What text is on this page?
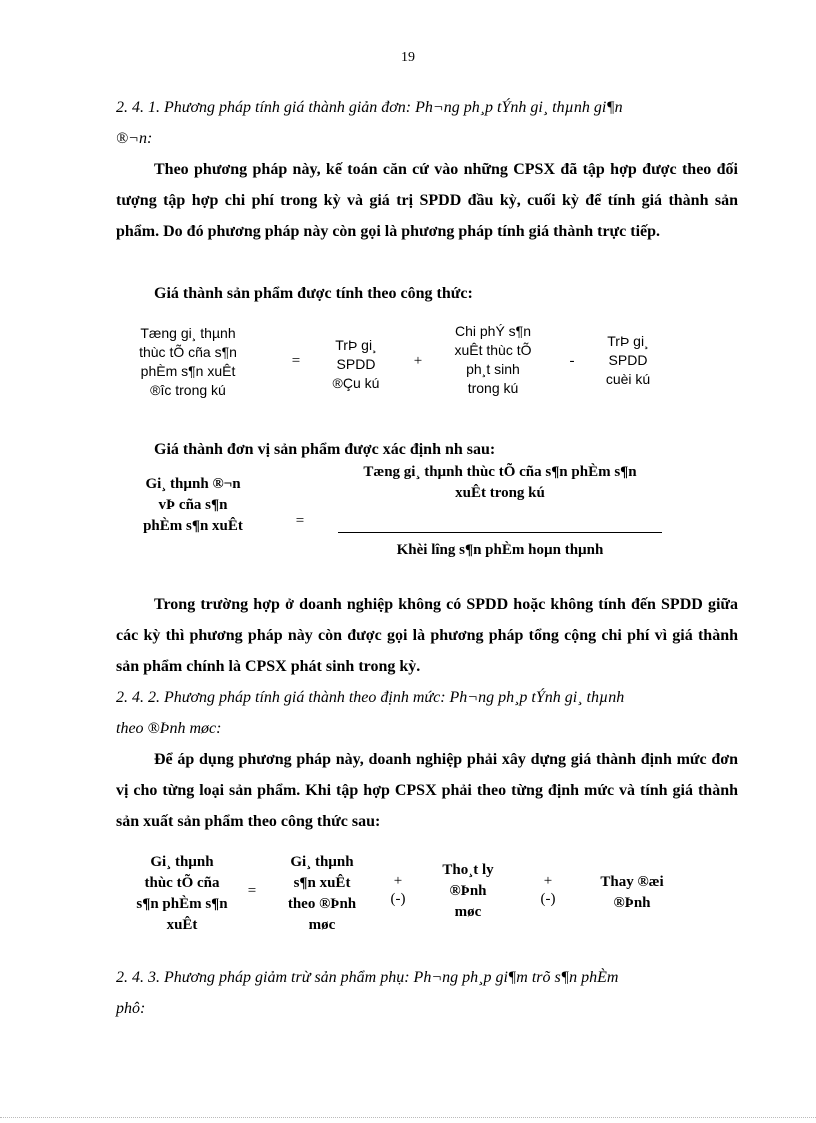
19
2. 4. 1. Phương pháp tính giá thành giản đơn: Ph¬ng ph¸p tÝnh gi¸ thµnh gi¶n
®¬n:

Theo phương pháp này, kế toán căn cứ vào những CPSX đã tập hợp được theo đối tượng tập hợp chi phí trong kỳ và giá trị SPDD đầu kỳ, cuối kỳ để tính giá thành sản phẩm. Do đó phương pháp này còn gọi là phương pháp tính giá thành trực tiếp.

Giá thành sản phẩm được tính theo công thức:

Tæng gi¸ thµnh
thùc tÕ cña s¶n
phÈm s¶n xuÊt
®îc trong kú
=
TrÞ gi¸
SPDD
®Çu kú
+
Chi phÝ s¶n
xuÊt thùc tÕ
ph¸t sinh
trong kú
-
TrÞ gi¸
SPDD
cuèi kú

Giá thành đơn vị sản phẩm được xác định nh sau:

Gi¸ thµnh ®¬n
vÞ cña s¶n
phÈm s¶n xuÊt	=
Tæng gi¸ thµnh thùc tÕ cña s¶n phÈm s¶n
xuÊt trong kú
Khèi lîng s¶n phÈm hoµn thµnh

Trong trường hợp ở doanh nghiệp không có SPDD hoặc không tính đến SPDD giữa các kỳ thì phương pháp này còn được gọi là phương pháp tổng cộng chi phí vì giá thành sản phẩm chính là CPSX phát sinh trong kỳ.

2. 4. 2. Phương pháp tính giá thành theo định mức: Ph¬ng ph¸p tÝnh gi¸ thµnh
theo ®Þnh møc:

Để áp dụng phương pháp này, doanh nghiệp phải xây dựng giá thành định mức đơn vị cho từng loại sản phẩm. Khi tập hợp CPSX phải theo từng định mức và tính giá thành sản xuất sản phẩm theo công thức sau:

Gi¸ thµnh
thùc tÕ cña
s¶n phÈm s¶n
xuÊt
=
Gi¸ thµnh
s¶n xuÊt
theo ®Þnh
møc
+
(-)
Tho¸t ly
®Þnh
møc
+
(-)
Thay ®æi
®Þnh
2. 4. 3. Phương pháp giảm trừ sản phẩm phụ: Ph¬ng ph¸p gi¶m trõ s¶n phÈm
phô:
